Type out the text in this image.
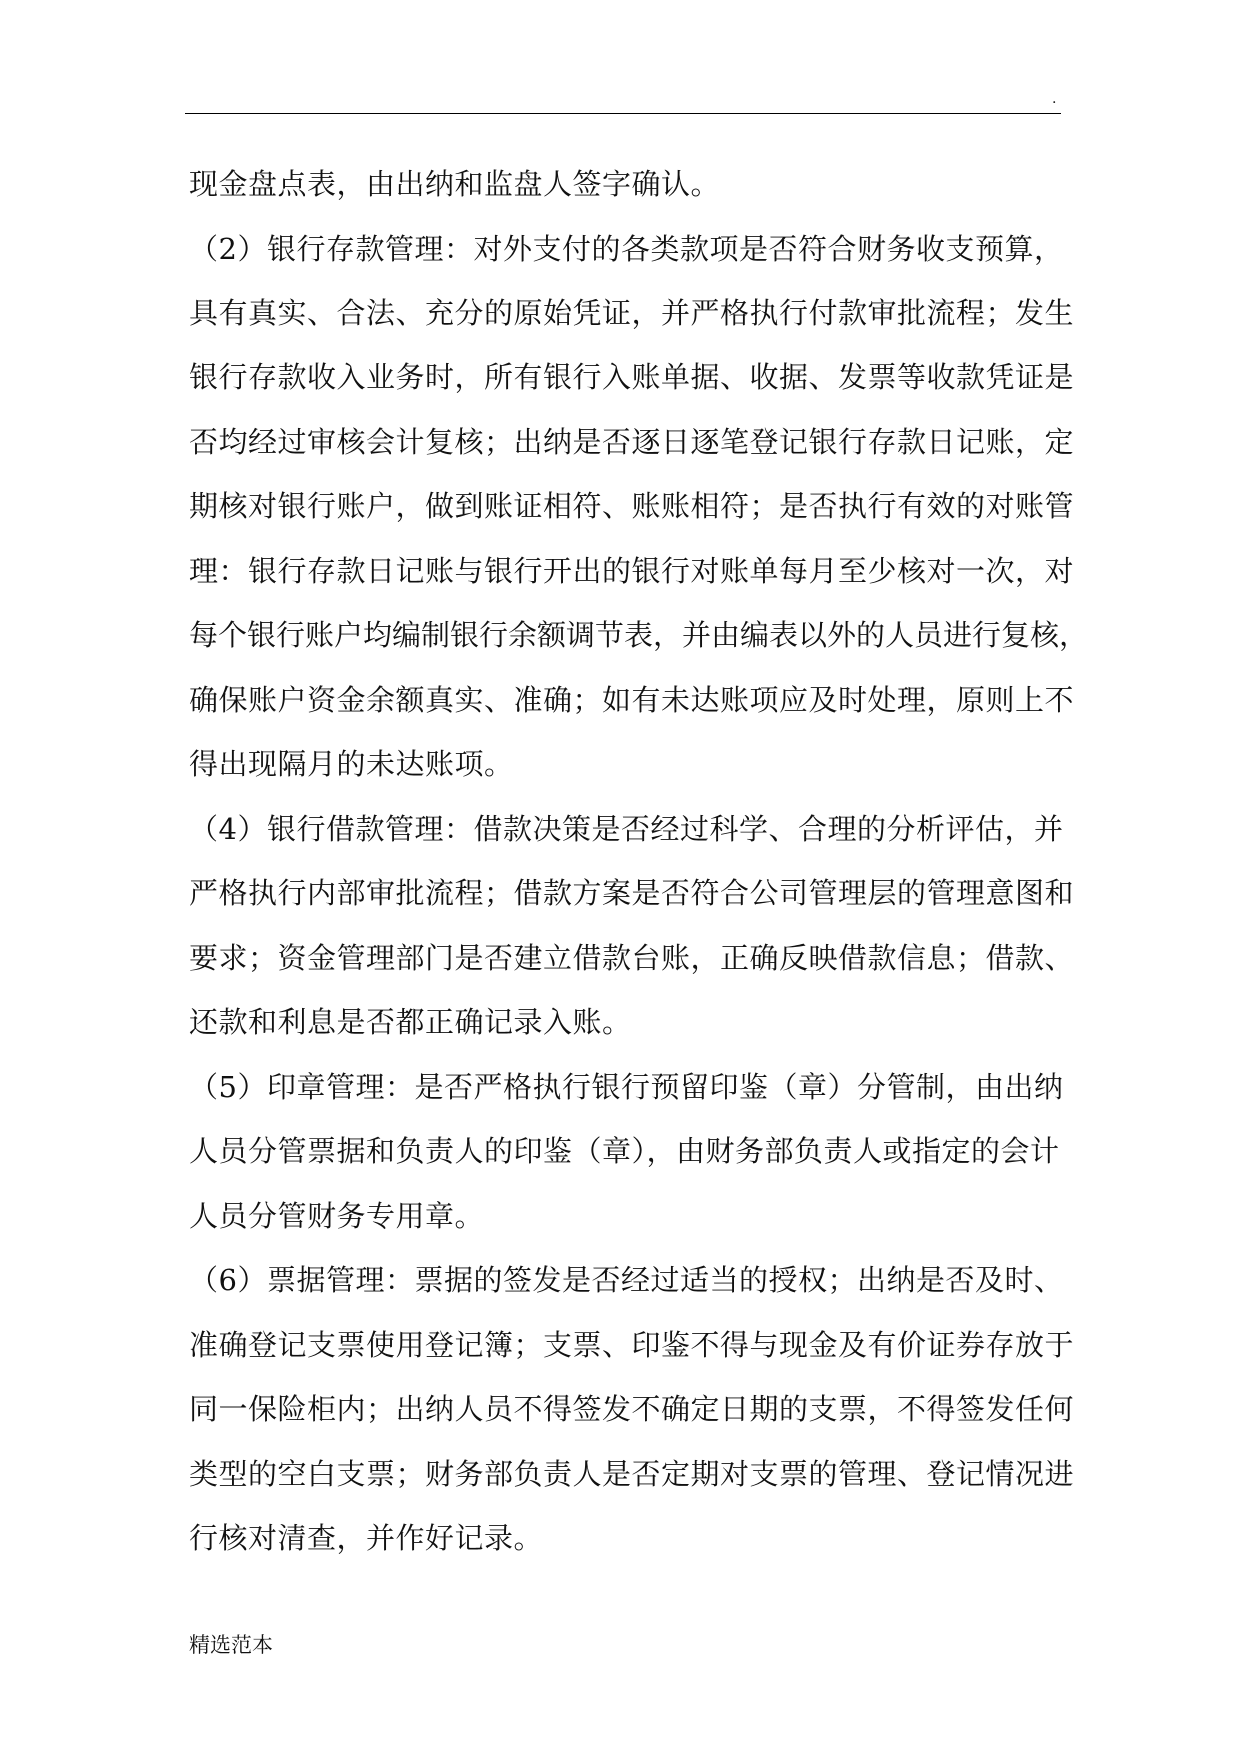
.
现金盘点表，由出纳和监盘人签字确认。
（2）银行存款管理：对外支付的各类款项是否符合财务收支预算，
具有真实、合法、充分的原始凭证，并严格执行付款审批流程；发生
银行存款收入业务时，所有银行入账单据、收据、发票等收款凭证是
否均经过审核会计复核；出纳是否逐日逐笔登记银行存款日记账，定
期核对银行账户，做到账证相符、账账相符；是否执行有效的对账管
理：银行存款日记账与银行开出的银行对账单每月至少核对一次，对
每个银行账户均编制银行余额调节表，并由编表以外的人员进行复核，
确保账户资金余额真实、准确；如有未达账项应及时处理，原则上不
得出现隔月的未达账项。
（4）银行借款管理：借款决策是否经过科学、合理的分析评估，并
严格执行内部审批流程；借款方案是否符合公司管理层的管理意图和
要求；资金管理部门是否建立借款台账，正确反映借款信息；借款、
还款和利息是否都正确记录入账。
（5）印章管理：是否严格执行银行预留印鉴（章）分管制，由出纳
人员分管票据和负责人的印鉴（章），由财务部负责人或指定的会计
人员分管财务专用章。
（6）票据管理：票据的签发是否经过适当的授权；出纳是否及时、
准确登记支票使用登记簿；支票、印鉴不得与现金及有价证券存放于
同一保险柜内；出纳人员不得签发不确定日期的支票，不得签发任何
类型的空白支票；财务部负责人是否定期对支票的管理、登记情况进
行核对清查，并作好记录。
精选范本
